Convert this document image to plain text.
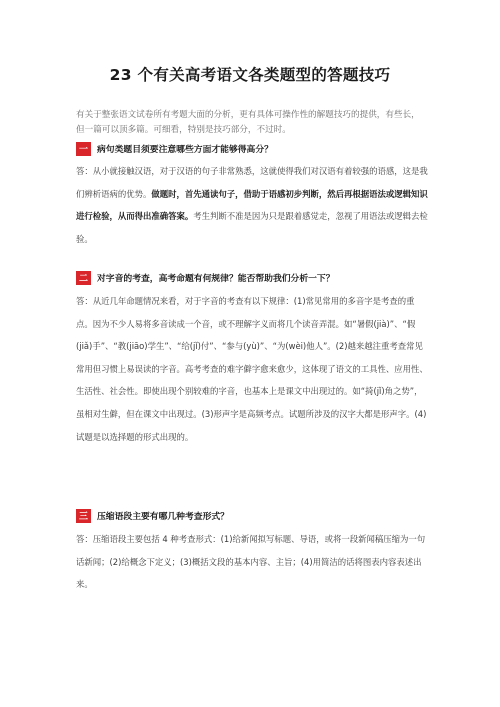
23 个有关高考语文各类题型的答题技巧
有关于整张语文试卷所有考题大面的分析，更有具体可操作性的解题技巧的提供，有些长，但一篇可以顶多篇。可细看，特别是技巧部分，不过时。
一	病句类题目须要注意哪些方面才能够得高分？
答：从小就接触汉语，对于汉语的句子非常熟悉，这就使得我们对汉语有着较强的语感，这是我们辨析语病的优势。做题时，首先通读句子，借助于语感初步判断，然后再根据语法或逻辑知识进行检验，从而得出准确答案。考生判断不准是因为只是跟着感觉走，忽视了用语法或逻辑去检验。
二	对字音的考查，高考命题有何规律？能否帮助我们分析一下？
答：从近几年命题情况来看，对于字音的考查有以下规律：(1)常见常用的多音字是考查的重点。因为不少人易将多音读成一个音，或不理解字义而将几个读音弄混。如“暑假(jià)”、“假(jiǎ)手”、“教(jiāo)学生”、“给(jǐ)付”、“参与(yù)”、“为(wèi)他人”。(2)越来越注重考查常见常用但习惯上易误读的字音。高考考查的难字僻字愈来愈少，这体现了语文的工具性、应用性、生活性、社会性。即使出现个别较难的字音，也基本上是课文中出现过的。如“掎(jǐ)角之势”，虽相对生僻，但在课文中出现过。(3)形声字是高频考点。试题所涉及的汉字大都是形声字。(4)试题是以选择题的形式出现的。
三	压缩语段主要有哪几种考查形式？
答：压缩语段主要包括 4 种考查形式：(1)给新闻拟写标题、导语，或将一段新闻稿压缩为一句话新闻；(2)给概念下定义；(3)概括文段的基本内容、主旨；(4)用简洁的话将图表内容表述出来。
